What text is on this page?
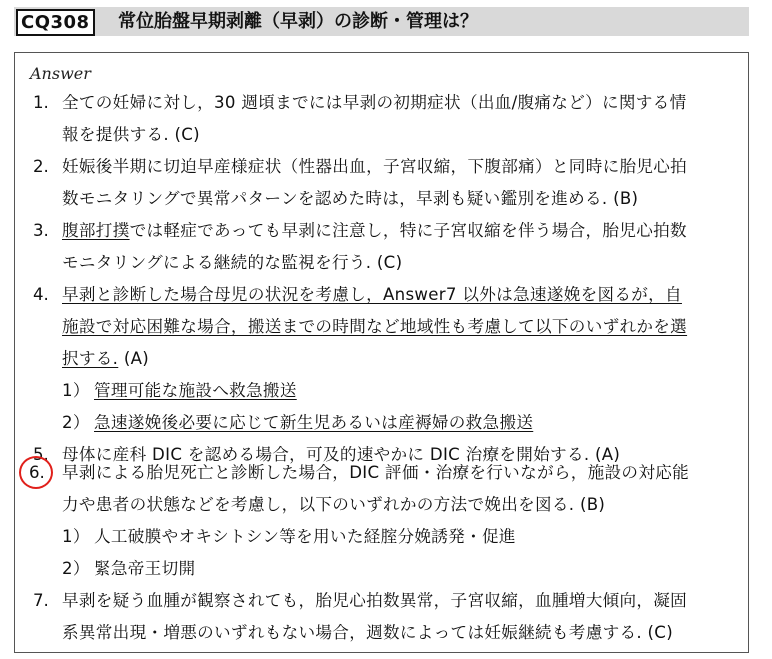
CQ308 常位胎盤早期剥離（早剥）の診断・管理は？
Answer
1. 全ての妊婦に対し，30 週頃までには早剥の初期症状（出血/腹痛など）に関する情
報を提供する. (C)
2. 妊娠後半期に切迫早産様症状（性器出血，子宮収縮，下腹部痛）と同時に胎児心拍
数モニタリングで異常パターンを認めた時は，早剥も疑い鑑別を進める. (B)
3. 腹部打撲では軽症であっても早剥に注意し，特に子宮収縮を伴う場合，胎児心拍数
モニタリングによる継続的な監視を行う. (C)
4. 早剥と診断した場合母児の状況を考慮し，Answer7 以外は急速遂娩を図るが，自
施設で対応困難な場合，搬送までの時間など地域性も考慮して以下のいずれかを選
択する. (A)
1） 管理可能な施設へ救急搬送
2） 急速遂娩後必要に応じて新生児あるいは産褥婦の救急搬送
5. 母体に産科 DIC を認める場合，可及的速やかに DIC 治療を開始する. (A)
6. 早剥による胎児死亡と診断した場合，DIC 評価・治療を行いながら，施設の対応能
力や患者の状態などを考慮し，以下のいずれかの方法で娩出を図る. (B)
1） 人工破膜やオキシトシン等を用いた経腟分娩誘発・促進
2） 緊急帝王切開
7. 早剥を疑う血腫が観察されても，胎児心拍数異常，子宮収縮，血腫増大傾向，凝固
系異常出現・増悪のいずれもない場合，週数によっては妊娠継続も考慮する. (C)
